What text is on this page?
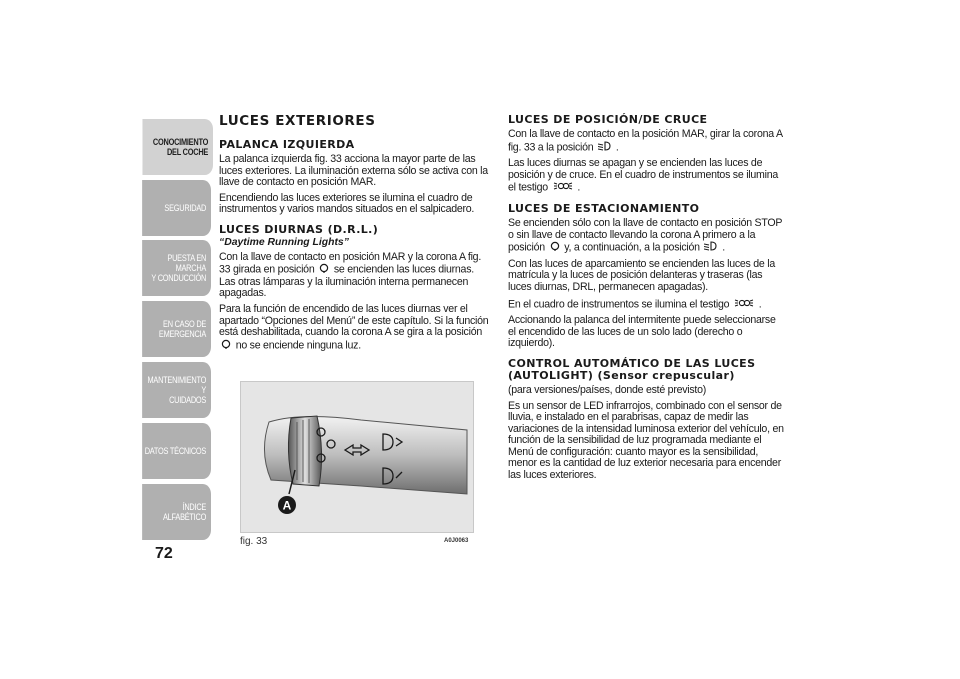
CONOCIMIENTO
DEL COCHE
SEGURIDAD
PUESTA EN MARCHA
Y CONDUCCIÓN
EN CASO DE
EMERGENCIA
MANTENIMIENTO Y
CUIDADOS
DATOS TÉCNICOS
ÍNDICE ALFABÉTICO
72
LUCES EXTERIORES
PALANCA IZQUIERDA

La palanca izquierda fig. 33 acciona la mayor parte de las luces exteriores. La iluminación externa sólo se activa con la llave de contacto en posición MAR.

Encendiendo las luces exteriores se ilumina el cuadro de instrumentos y varios mandos situados en el salpicadero.

LUCES DIURNAS (D.R.L.)
“Daytime Running Lights”

Con la llave de contacto en posición MAR y la corona A fig. 33 girada en posición se encienden las luces diurnas. Las otras lámparas y la iluminación interna permanecen apagadas.

Para la función de encendido de las luces diurnas ver el apartado “Opciones del Menú” de este capítulo. Si la función está deshabilitada, cuando la corona A se gira a la posición  no se enciende ninguna luz.

A
fig. 33	A0J0063
LUCES DE POSICIÓN/DE CRUCE

Con la llave de contacto en la posición MAR, girar la corona A fig. 33 a la posición .

Las luces diurnas se apagan y se encienden las luces de posición y de cruce. En el cuadro de instrumentos se ilumina el testigo	.

LUCES DE ESTACIONAMIENTO

Se encienden sólo con la llave de contacto en posición STOP o sin llave de contacto llevando la corona A primero a la posición y, a continuación, a la posición .

Con las luces de aparcamiento se encienden las luces de la matrícula y la luces de posición delanteras y traseras (las luces diurnas, DRL, permanecen apagadas).

En el cuadro de instrumentos se ilumina el testigo	.

Accionando la palanca del intermitente puede seleccionarse el encendido de las luces de un solo lado (derecho o izquierdo).

CONTROL AUTOMÁTICO DE LAS LUCES (AUTOLIGHT) (Sensor crepuscular)

(para versiones/países, donde esté previsto)

Es un sensor de LED infrarrojos, combinado con el sensor de lluvia, e instalado en el parabrisas, capaz de medir las variaciones de la intensidad luminosa exterior del vehículo, en función de la sensibilidad de luz programada mediante el Menú de configuración: cuanto mayor es la sensibilidad, menor es la cantidad de luz exterior necesaria para encender las luces exteriores.
